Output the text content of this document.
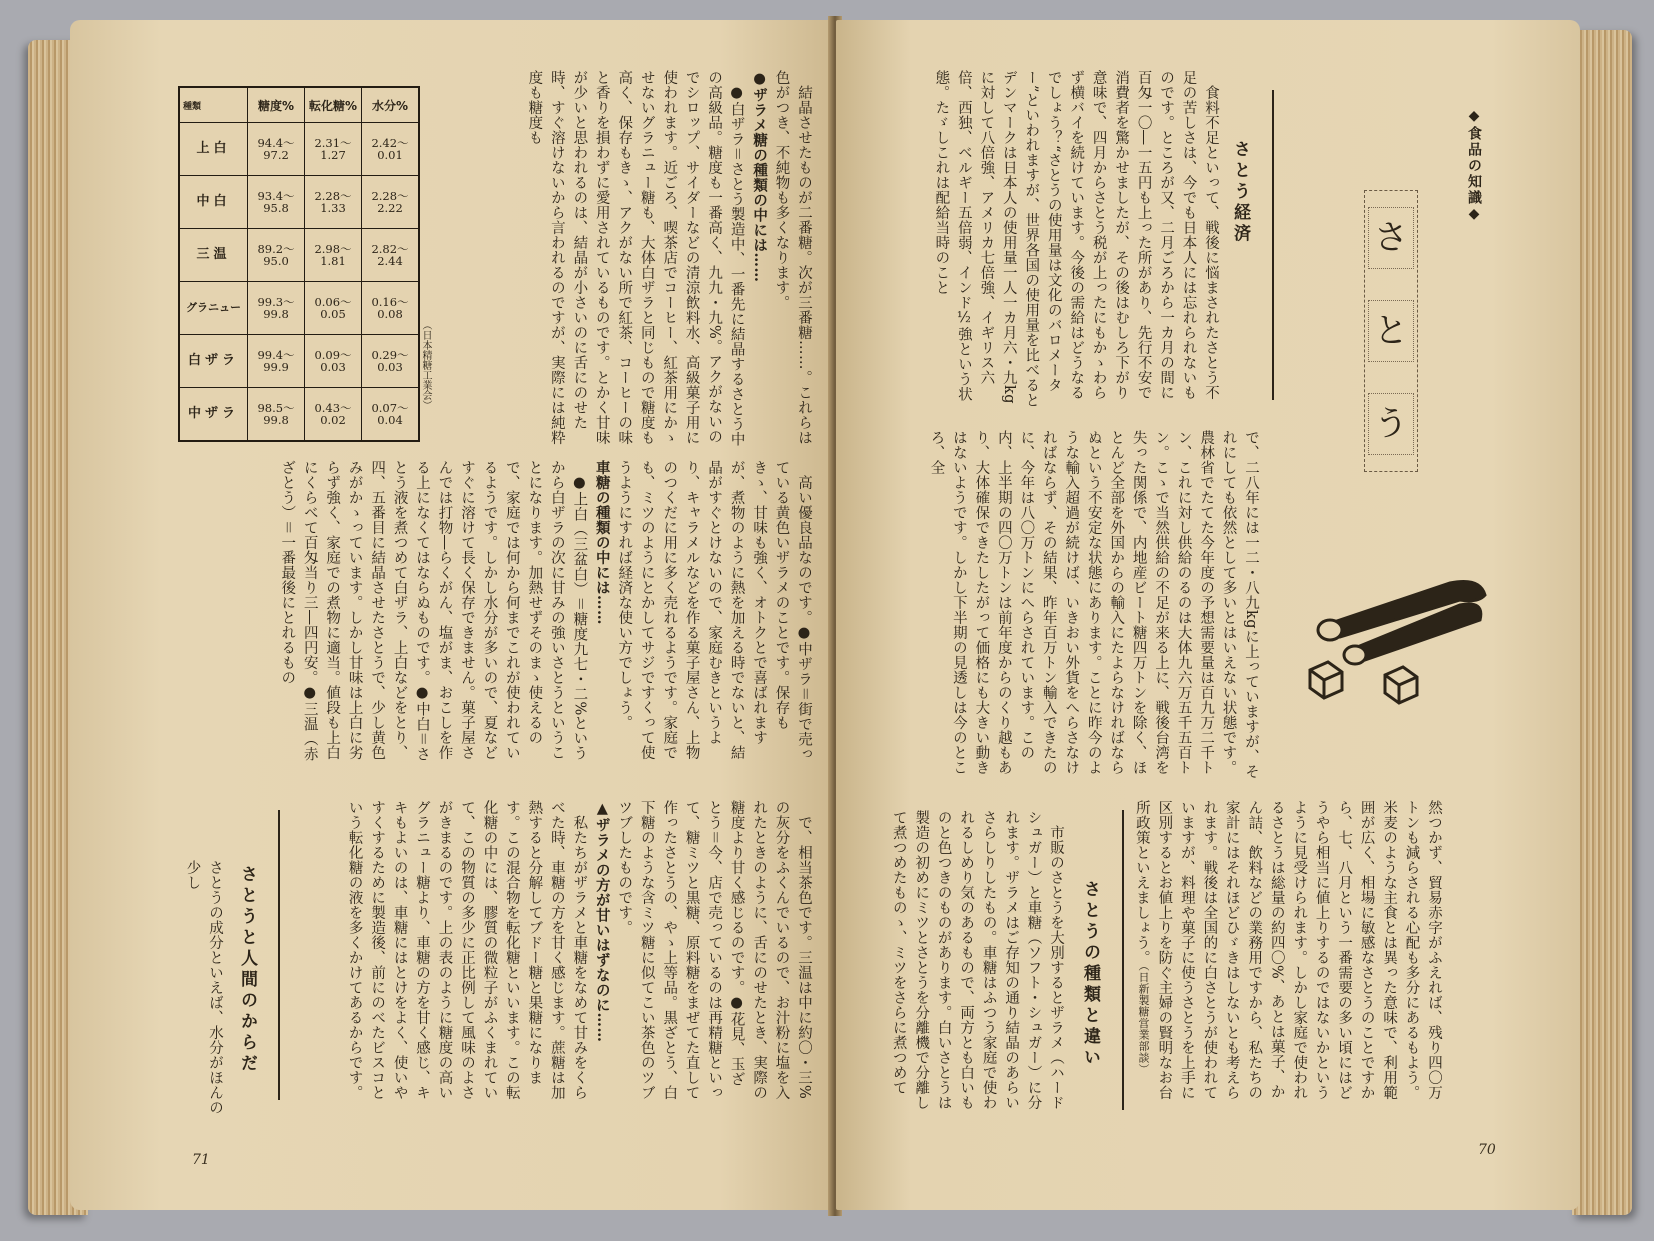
種類	糖度%	転化糖%	水分%
上白	94.4〜97.2	2.31〜1.27	2.42〜0.01
中白	93.4〜95.8	2.28〜1.33	2.28〜2.22
三温	89.2〜95.0	2.98〜1.81	2.82〜2.44
グラニュー	99.3〜99.8	0.06〜0.05	0.16〜0.08
白ザラ	99.4〜99.9	0.09〜0.03	0.29〜0.03
中ザラ	98.5〜99.8	0.43〜0.02	0.07〜0.04
（日本精糖工業会）	結晶させたものが二番糖。次が三番糖……。これらは色がつき、不純物も多くなります。

●ザラメ糖の種類の中には……

●白ザラ＝さとう製造中、一番先に結晶するさとう中の高級品。糖度も一番高く、九九・九%。アクがないのでシロップ、サイダーなどの清涼飲料水、高級菓子用に使われます。近ごろ、喫茶店でコーヒー、紅茶用にかゝせないグラニュー糖も、大体白ザラと同じもので糖度も高く、保存もきゝ、アクがない所で紅茶、コーヒーの味と香りを損わずに愛用されているものです。とかく甘味が少いと思われるのは、結晶が小さいのに舌にのせた時、すぐ溶けないから言われるのですが、実際には純粋度も糖度も

高い優良品なのです。●中ザラ＝街で売っている黄色いザラメのことです。保存もきゝ、甘味も強く、オトクとで喜ばれますが、煮物のように熱を加える時でないと、結晶がすぐとけないので、家庭むきというより、キャラメルなどを作る菓子屋さん、上物のつくだに用に多く売れるようです。家庭でも、ミツのようにとかしてサジですくって使うようにすれば経済な使い方でしょう。

車糖の種類の中には……

●上白（三盆白）＝糖度九七・二%というから白ザラの次に甘みの強いさとうということになります。加熱せずそのまゝ使えるので、家庭では何から何までこれが使われているようです。しかし水分が多いので、夏などすぐに溶けて長く保存できません。菓子屋さんでは打物―らくがん、塩がま、おこしを作る上になくてはならぬものです。●中白＝さとう液を煮つめて白ザラ、上白などをとり、四、五番目に結晶させたさとうで、少し黄色みがかゝっています。しかし甘味は上白に劣らず強く、家庭での煮物に適当。値段も上白にくらべて百匁当り三―四円安。●三温（赤ざとう）＝一番最後にとれるもの

で、相当茶色です。三温は中に約〇・三%の灰分をふくんでいるので、お汁粉に塩を入れたときのように、舌にのせたとき、実際の糖度より甘く感じるのです。●花見、玉ざとう＝今、店で売っているのは再精糖といって、糖ミツと黒糖、原料糖をまぜてた直して作ったさとうの、やゝ上等品。黒ざとう、白下糖のような含ミツ糖に似てこい茶色のツブツブしたものです。

▲ザラメの方が甘いはずなのに……

私たちがザラメと車糖をなめて甘みをくらべた時、車糖の方を甘く感じます。蔗糖は加熱すると分解してブドー糖と果糖になります。この混合物を転化糖といいます。この転化糖の中には、膠質の微粒子がふくまれていて、この物質の多少に正比例して風味のよさがきまるのです。上の表のように糖度の高いグラニュー糖より、車糖の方を甘く感じ、キキもよいのは、車糖にはとけをよく、使いやすくするために製造後、前にのべたビスコという転化糖の液を多くかけてあるからです。

さとうと人間のからだ

さとうの成分といえば、水分がほんの少し

71
◆食品の知識◆
さ
と
う
さとう経済

食料不足といって、戦後に悩まされたさとう不足の苦しさは、今でも日本人には忘れられないものです。ところが又、二月ごろから一カ月の間に百匁一〇―一五円も上った所があり、先行不安で消費者を驚かせましたが、その後はむしろ下がり意味で、四月からさとう税が上ったにもかゝわらず横バイを続けています。今後の需給はどうなるでしょう？“さとうの使用量は文化のバロメーター”といわれますが、世界各国の使用量を比べるとデンマークは日本人の使用量一人一カ月六・九kgに対して八倍強、アメリカ七倍強、イギリス六倍、西独、ベルギー五倍弱、インド½強という状態。たゞしこれは配給当時のこと

で、二八年には一二・八九kgに上っていますが、それにしても依然として多いとはいえない状態です。農林省でたてた今年度の予想需要量は百九万二千トン、これに対し供給のるのは大体九六万五千五百トン。こゝで当然供給の不足が来る上に、戦後台湾を失った関係で、内地産ビート糖四万トンを除く、ほとんど全部を外国からの輸入にたよらなければならぬという不安定な状態にあります。ことに昨今のような輸入超過が続けば、いきおい外貨をへらさなければならず、その結果、昨年百万トン輸入できたのに、今年は八〇万トンにへらされています。この内、上半期の四〇万トンは前年度からのくり越もあり、大体確保できたしたがって価格にも大きい動きはないようです。しかし下半期の見透しは今のところ、全

然つかず、貿易赤字がふえれば、残り四〇万トンも減らされる心配も多分にあるもよう。米麦のような主食とは異った意味で、利用範囲が広く、相場に敏感なさとうのことですから、七、八月という一番需要の多い頃にはどうやら相当に値上りするのではないかというように見受けられます。しかし家庭で使われるさとうは総量の約四〇%、あとは菓子、かん詰、飲料などの業務用ですから、私たちの家計にはそれほどひゞきはしないとも考えられます。戦後は全国的に白さとうが使われていますが、料理や菓子に使うさとうを上手に区別するとお値上りを防ぐ主婦の賢明なお台所政策といえましょう。

（日新製糖営業部談）

さとうの種類と違い

市販のさとうを大別するとザラメ（ハードシュガー）と車糖（ソフト・シュガー）に分れます。ザラメはご存知の通り結晶のあらいさらしりしたもの。車糖はふつう家庭で使われるしめり気のあるもので、両方とも白いものと色つきのものがあります。白いさとうは製造の初めにミツとさとうを分離機で分離して煮つめたものゝ、ミツをさらに煮つめて

70
